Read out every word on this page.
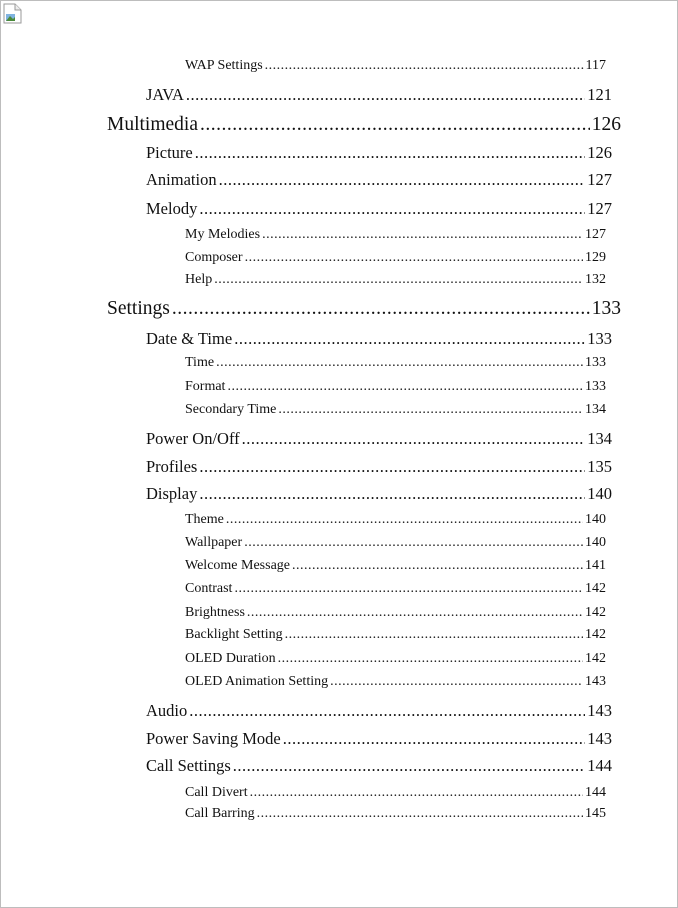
WAP Settings .....	117
JAVA .....	121
Multimedia .....	126
Picture .....	126
Animation .....	127
Melody .....	127
My Melodies .....	127
Composer .....	129
Help .....	132
Settings .....	133
Date & Time .....	133
Time .....	133
Format .....	133
Secondary Time .....	134
Power On/Off .....	134
Profiles .....	135
Display .....	140
Theme .....	140
Wallpaper .....	140
Welcome Message .....	141
Contrast .....	142
Brightness .....	142
Backlight Setting .....	142
OLED Duration .....	142
OLED Animation Setting .....	143
Audio .....	143
Power Saving Mode .....	143
Call Settings .....	144
Call Divert .....	144
Call Barring .....	145
